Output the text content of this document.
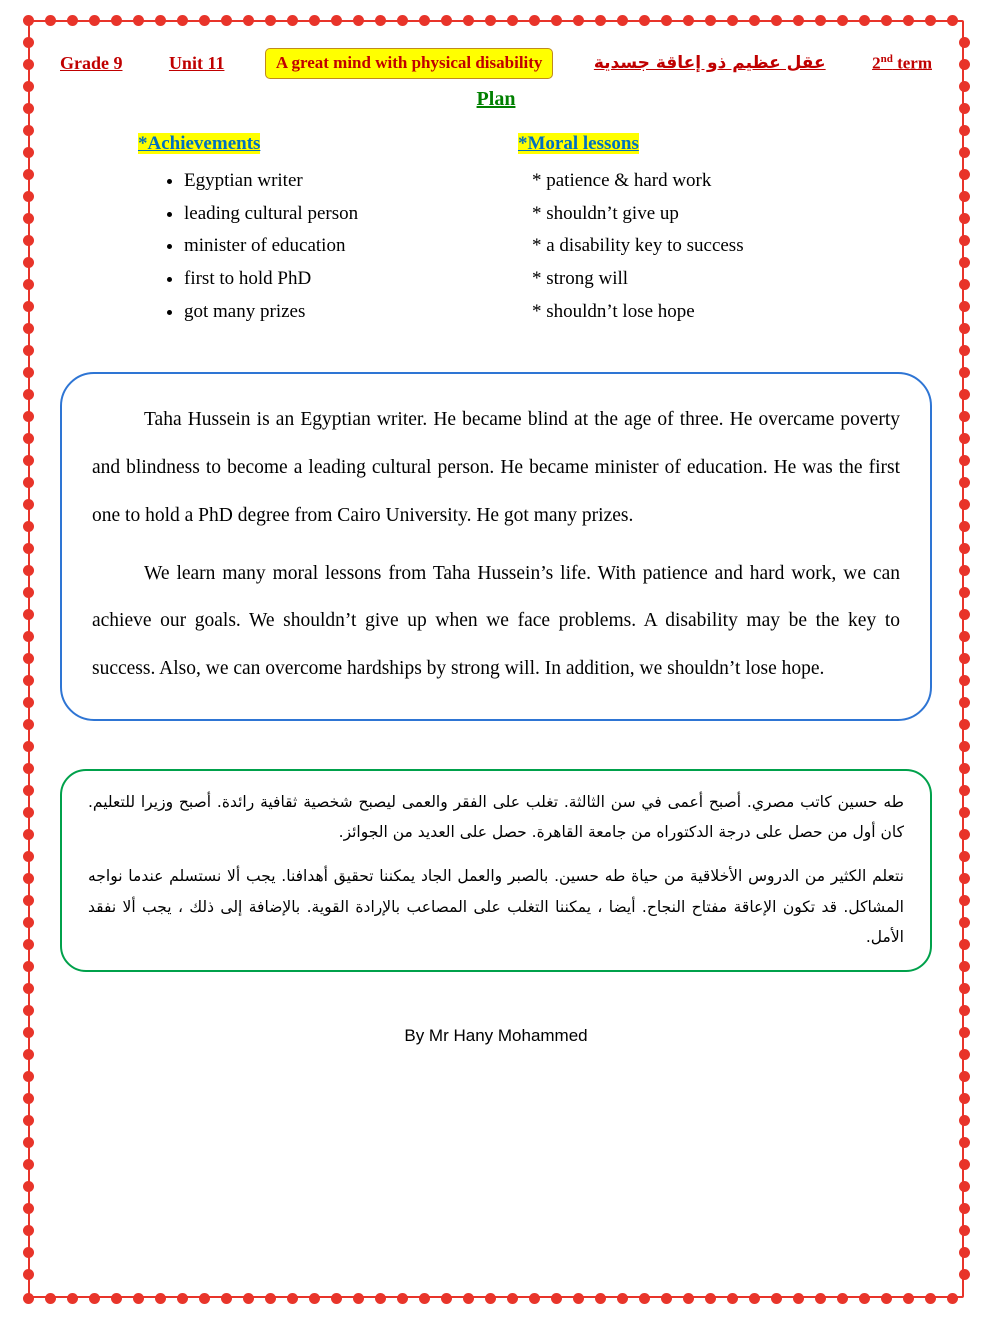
Grade 9	Unit 11	A great mind with physical disability	عقل عظيم ذو إعاقة جسدية	2nd term
Plan
*Achievements
• Egyptian writer
• leading cultural person
• minister of education
• first to hold PhD
• got many prizes
*Moral lessons
* patience & hard work
* shouldn’t give up
* a disability key to success
* strong will
* shouldn’t lose hope

Taha Hussein is an Egyptian writer. He became blind at the age of three. He overcame poverty and blindness to become a leading cultural person. He became minister of education. He was the first one to hold a PhD degree from Cairo University. He got many prizes.

We learn many moral lessons from Taha Hussein’s life. With patience and hard work, we can achieve our goals. We shouldn’t give up when we face problems. A disability may be the key to success. Also, we can overcome hardships by strong will. In addition, we shouldn’t lose hope.

طه حسين كاتب مصري. أصبح أعمى في سن الثالثة. تغلب على الفقر والعمى ليصبح شخصية ثقافية رائدة. أصبح وزيرا للتعليم. كان أول من حصل على درجة الدكتوراه من جامعة القاهرة. حصل على العديد من الجوائز.

نتعلم الكثير من الدروس الأخلاقية من حياة طه حسين. بالصبر والعمل الجاد يمكننا تحقيق أهدافنا. يجب ألا نستسلم عندما نواجه المشاكل. قد تكون الإعاقة مفتاح النجاح. أيضا ، يمكننا التغلب على المصاعب بالإرادة القوية. بالإضافة إلى ذلك ، يجب ألا نفقد الأمل.

By Mr Hany Mohammed
